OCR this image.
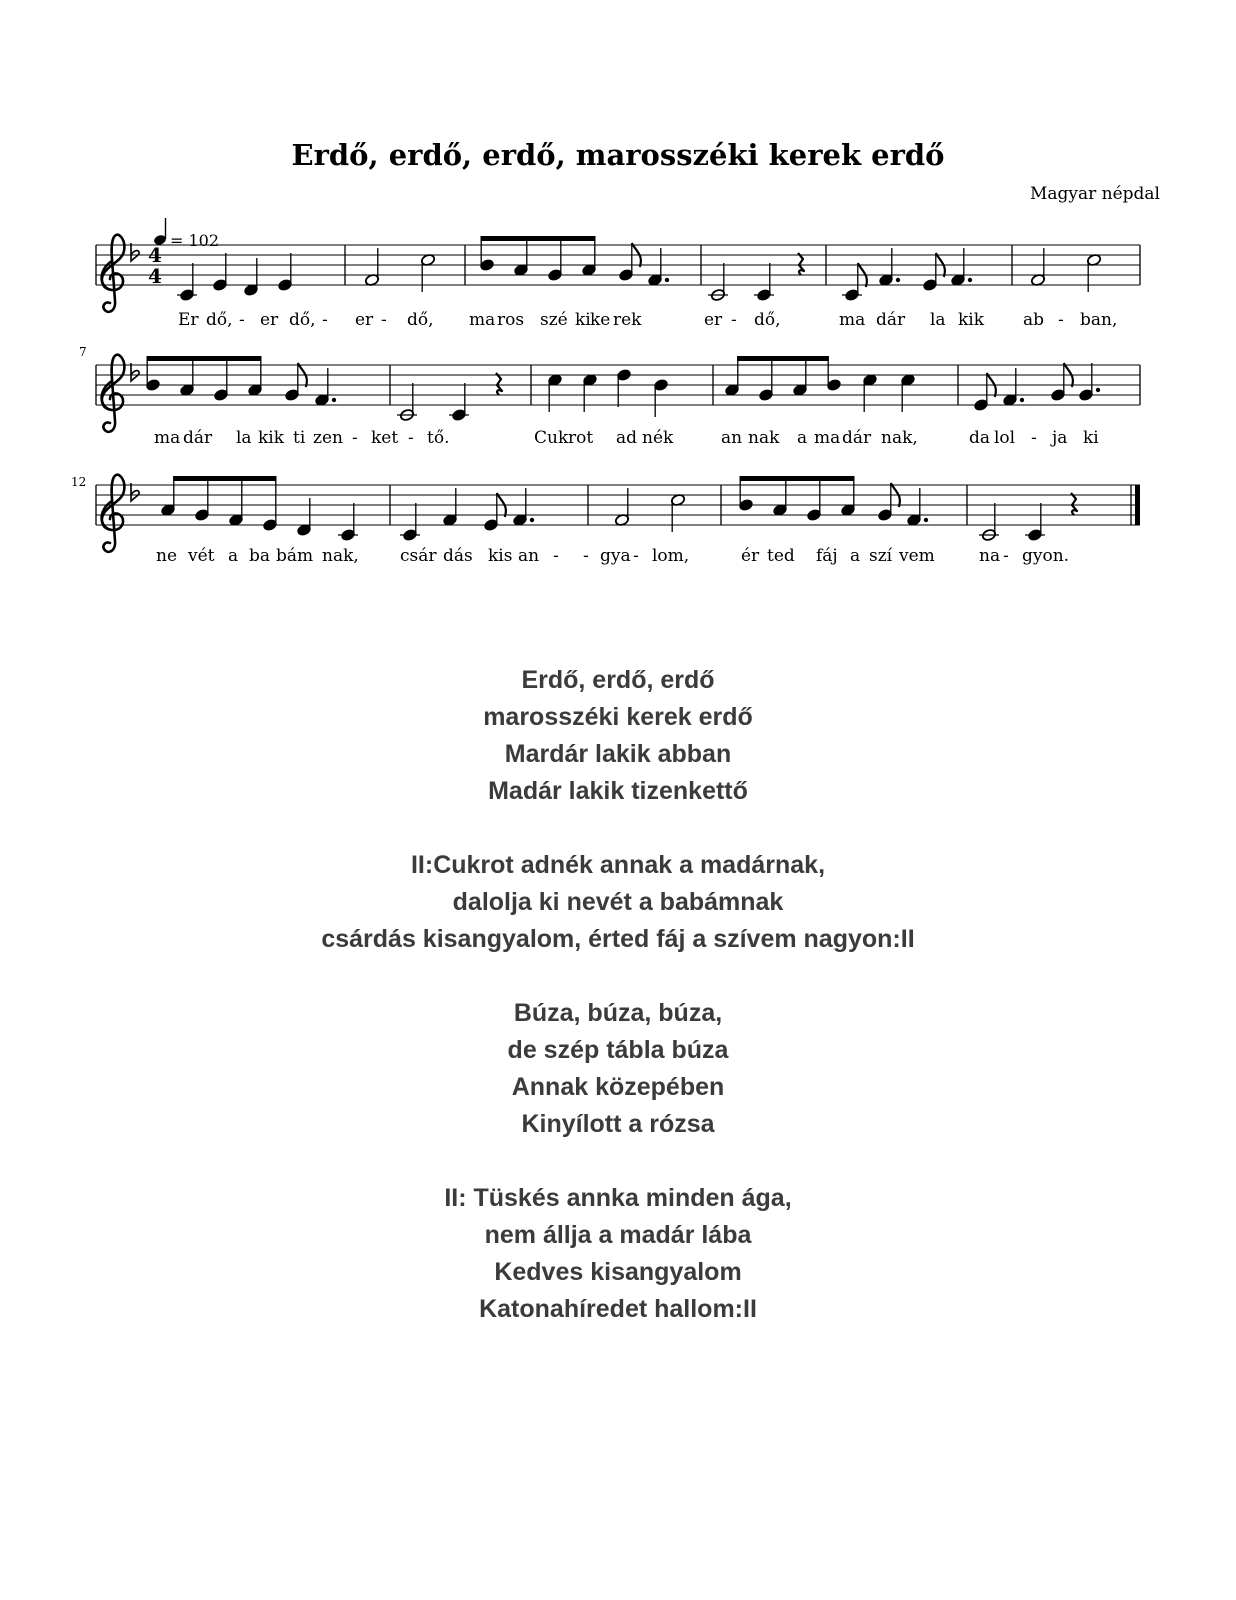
Erdő, erdő, erdő, marosszéki kerek erdő
Magyar népdal
4
4
= 102
7
12
Er dő, er dő, er dő, ma ros szé ki ke rek	er dő,	ma dár la kik ab ban,
-	-	-	-	-
ma dár la kik ti zen ket tő.	Cuk rot ad nék	an nak a ma dár nak,	da lol ja ki
-	-	-
ne vét a ba bám nak, csár dás kis an	gya lom,	ér ted fáj a szí vem	na gyon.
- -	-	-
Erdő, erdő, erdő
marosszéki kerek erdő
Mardár lakik abban
Madár lakik tizenkettő
II:Cukrot adnék annak a madárnak,
dalolja ki nevét a babámnak
csárdás kisangyalom, érted fáj a szívem nagyon:II
Búza, búza, búza,
de szép tábla búza
Annak közepében
Kinyílott a rózsa
II: Tüskés annka minden ága,
nem állja a madár lába
Kedves kisangyalom
Katonahíredet hallom:II
